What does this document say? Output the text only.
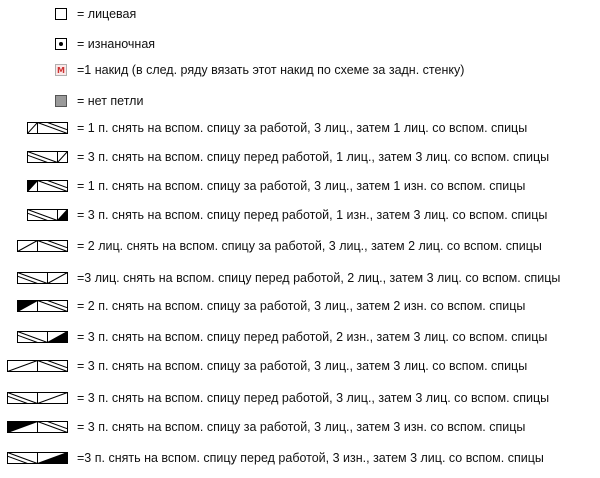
= лицевая
= изнаночная
M =1 накид (в след. ряду вязать этот накид по схеме за задн. стенку)
= нет петли
= 1 п. снять на вспом. спицу за работой, 3 лиц., затем 1 лиц. со вспом. спицы
= 3 п. снять на вспом. спицу перед работой, 1 лиц., затем 3 лиц. со вспом. спицы
= 1 п. снять на вспом. спицу за работой, 3 лиц., затем 1 изн. со вспом. спицы
= 3 п. снять на вспом. спицу перед работой, 1 изн., затем 3 лиц. со вспом. спицы
= 2 лиц. снять на вспом. спицу за работой, 3 лиц., затем 2 лиц. со вспом. спицы
=3 лиц. снять на вспом. спицу перед работой, 2 лиц., затем 3 лиц. со вспом. спицы
= 2 п. снять на вспом. спицу за работой, 3 лиц., затем 2 изн. со вспом. спицы
= 3 п. снять на вспом. спицу перед работой, 2 изн., затем 3 лиц. со вспом. спицы
= 3 п. снять на вспом. спицу за работой, 3 лиц., затем 3 лиц. со вспом. спицы
= 3 п. снять на вспом. спицу перед работой, 3 лиц., затем 3 лиц. со вспом. спицы
= 3 п. снять на вспом. спицу за работой, 3 лиц., затем 3 изн. со вспом. спицы
=3 п. снять на вспом. спицу перед работой, 3 изн., затем 3 лиц. со вспом. спицы
